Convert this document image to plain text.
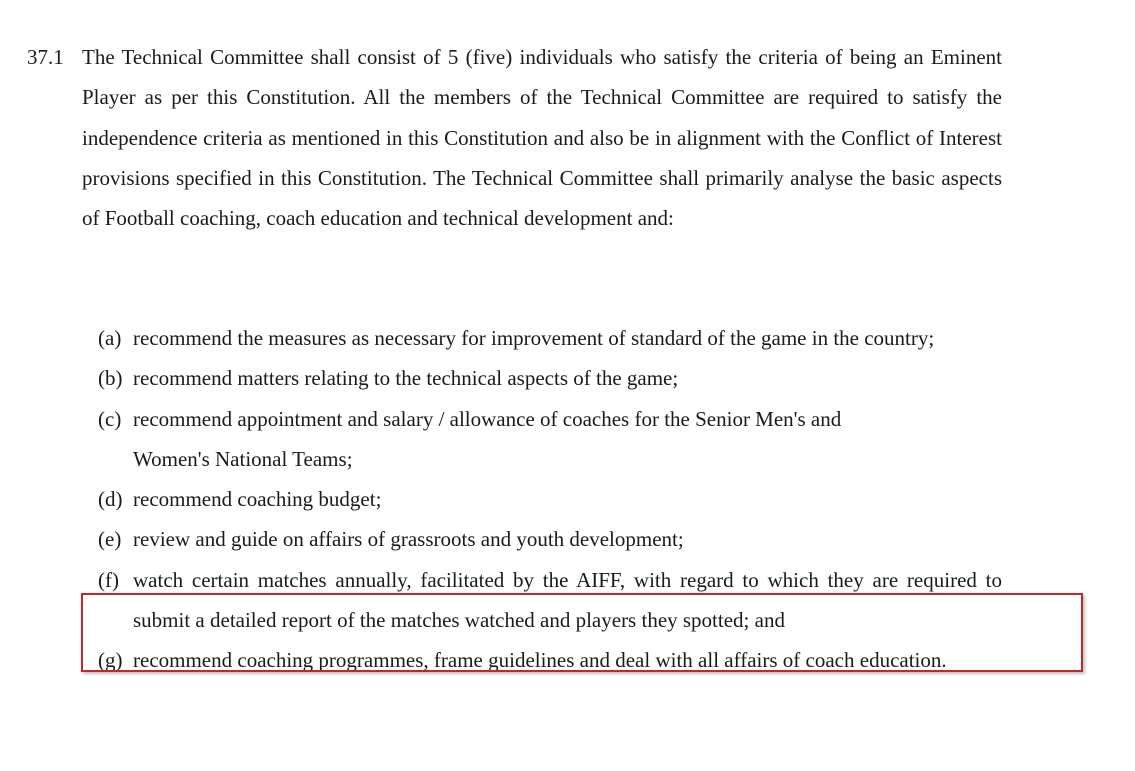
37.1 The Technical Committee shall consist of 5 (five) individuals who satisfy the criteria of being an Eminent Player as per this Constitution. All the members of the Technical Committee are required to satisfy the independence criteria as mentioned in this Constitution and also be in alignment with the Conflict of Interest provisions specified in this Constitution. The Technical Committee shall primarily analyse the basic aspects of Football coaching, coach education and technical development and:
(a) recommend the measures as necessary for improvement of standard of the game in the country;
(b) recommend matters relating to the technical aspects of the game;
(c) recommend appointment and salary / allowance of coaches for the Senior Men's and Women's National Teams;
(d) recommend coaching budget;
(e) review and guide on affairs of grassroots and youth development;
(f) watch certain matches annually, facilitated by the AIFF, with regard to which they are required to submit a detailed report of the matches watched and players they spotted; and
(g) recommend coaching programmes, frame guidelines and deal with all affairs of coach education.
